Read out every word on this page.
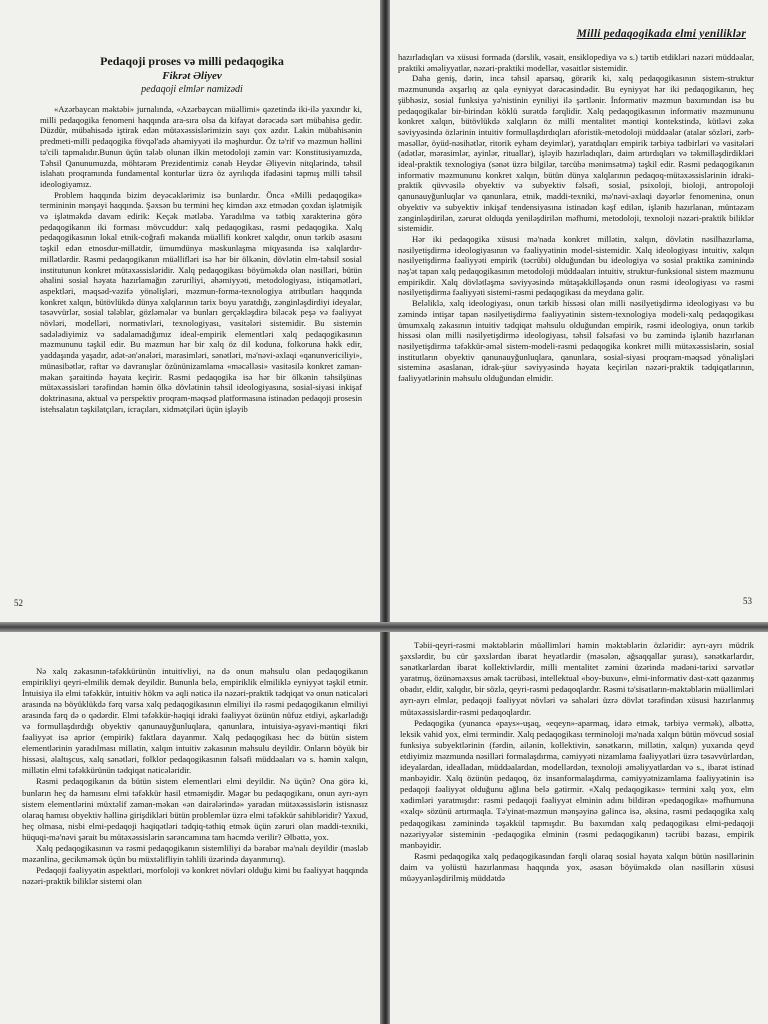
Pedaqoji proses və milli pedaqogika
Fikrət Əliyev
pedaqoji elmlər namizədi

«Azərbaycan məktəbi» jurnalında, «Azərbaycan müəllimi» qəzetində iki-ilə yaxındır ki, milli pedaqogika fenomeni haqqında ara-sıra olsa da kifayət dərəcədə sərt mübahisə gedir. Düzdür, mübahisədə iştirak edən mütəxəssislərimizin sayı çox azdır. Lakin mübahisənin predmeti-milli pedaqogika fövqəl'adə əhəmiyyəti ilə məşhurdur. Öz tə'rif və məzmun həllini tə'cili tapmalıdır.Bunun üçün tələb olunan ilkin metodoloji zəmin var: Konstitusiyamızda, Təhsil Qanunumuzda, möhtərəm Prezidentimiz cənab Heydər Əliyevin nitqlərində, təhsil islahatı proqramında fundamental konturlar üzrə öz ayrılıqda ifadəsini tapmış milli təhsil ideologiyamız.

Problem haqqında bizim deyəcəklərimiz isə bunlardır. Öncə «Milli pedaqogika» termininin mənşəyi haqqında. Şəxsən bu termini heç kimdən əxz etmədən çoxdan işlətmişik və işlətməkdə davam edirik: Keçək mətləbə. Yaradılma və tətbiq xarakterinə görə pedaqogikanın iki forması mövcuddur: xalq pedaqogikası, rəsmi pedaqogika. Xalq pedaqogikasının lokal etnik-coğrafi məkanda müəllifi konkret xalqdır, onun tərkib əsasını təşkil edən etnosdur-millətdir, ümumdünya məskunlaşma miqyasında isə xalqlardır-millətlərdir. Rəsmi pedaqogikanın müəllifləri isə hər bir ölkənin, dövlətin elm-təhsil sosial institutunun konkret mütəxəssisləridir. Xalq pedaqogikası böyüməkdə olan nəsilləri, bütün əhalini sosial həyata hazırlamağın zəruriliyi, əhəmiyyəti, metodologiyası, istiqamətləri, aspektləri, məqsəd-vəzifə yönəlişləri, məzmun-forma-texnologiya atributları haqqında konkret xalqın, bütövlükdə dünya xalqlarının tarix boyu yaratdığı, zənginləşdirdiyi ideyalar, təsəvvürlər, sosial tələblər, gözləmələr və bunları gerçəkləşdirə biləcək peşə və fəaliyyət növləri, modelləri, normativləri, texnologiyası, vasitələri sistemidir. Bu sistemin sadələdiyimiz və sadalamadığımız ideal-empirik elementləri xalq pedaqogikasının məzmununu təşkil edir. Bu məzmun hər bir xalq öz dil koduna, folkoruna həkk edir, yaddaşında yaşadır, adət-ən'ənələri, mərasimləri, sənətləri, mə'nəvi-əxlaqi «qanunvericiliyi», münasibətlər, rəftar və davranışlar özününizamlama «məcəlləsi» vasitəsilə konkret zaman-məkan şəraitində həyata keçirir. Rəsmi pedaqogika isə hər bir ölkənin təhsilşünas mütəxəssisləri tərəfindən həmin ölkə dövlətinin təhsil ideologiyasına, sosial-siyasi inkişaf doktrinasına, aktual və perspektiv proqram-məqsəd platformasına istinadən pedaqoji prosesin istehsalatın təşkilatçıları, icraçıları, xidmətçiləri üçün işləyib

52
Milli pedaqogikada elmi yeniliklər

hazırladıqları və xüsusi formada (dərslik, vəsait, ensiklopediya və s.) tərtib etdikləri nəzəri müddəalar, praktiki əməliyyatlar, nəzəri-praktiki modellər, vəsaitlər sistemidir.

Daha geniş, dərin, incə təhsil aparsaq, görərik ki, xalq pedaqogikasının sistem-struktur məzmununda əxşarlıq az qala eyniyyət dərəcəsindədir. Bu eyniyyət hər iki pedaqogikanın, heç şübhəsiz, sosial funksiya yə'nistinin eyniliyi ilə şərtlənir. İnformativ məzmun baxımından isə bu pedaqogikalar bir-birindən köklü surətdə fərqlidir. Xalq pedaqogikasının informativ məzmununu konkret xalqın, bütövlükdə xalqların öz milli mentalitet məntiqi kontekstində, kütləvi zəka səviyyəsində özlərinin intuitiv formullaşdırdıqları aforistik-metodoloji müddəalar (atalar sözləri, zərb-məsəllər, öyüd-nəsihətlər, ritorik eyham deyimlər), yaratdıqları empirik tərbiyə tədbirləri və vasitələri (adətlər, mərasimlər, ayinlər, rituallar), işləyib hazırladıqları, daim artırdıqları və təkmilləşdirdikləri ideal-praktik texnologiya (sənət üzrə bilgilər, tərcübə mənimsətmə) təşkil edir. Rəsmi pedaqogikanın informativ məzmununu konkret xalqın, bütün dünya xalqlarının pedaqoq-mütəxəssislərinin idraki-praktik qüvvəsilə obyektiv və subyektiv fəlsəfi, sosial, psixoloji, bioloji, antropoloji qanunauyğunluqlar və qanunlara, etnik, maddi-texniki, mə'nəvi-əxlaqi dəyərlər fenomeninə, onun obyektiv və subyektiv inkişaf tendensiyasına istinadən kəşf edilən, işlənib hazırlanan, müntəzəm zənginləşdirilən, zərurət olduqda yeniləşdirilən məfhumi, metodoloji, texnoloji nəzəri-praktik biliklər sistemidir.

Hər iki pedaqogika xüsusi mə'nada konkret millətin, xalqın, dövlətin nəsilhazırlama, nəsilyetişdirmə ideologiyasının və fəaliyyətinin model-sistemidir. Xalq ideologiyası intuitiv, xalqın nəsilyetişdirmə fəaliyyəti empirik (təcrübi) olduğundan bu ideologiya və sosial praktika zəminində nəş'ət tapan xalq pedaqogikasının metodoloji müddəaları intuitiv, struktur-funksional sistem məzmunu empirikdir. Xalq dövlətləşmə səviyyəsində mütəşəkkilləşəndə onun rəsmi ideologiyası və rəsmi nəsilyetişdirmə fəaliyyəti sistemi-rəsmi pedaqogikası da meydana gəlir.

Beləliklə, xalq ideologiyası, onun tərkib hissəsi olan milli nəsilyetişdirmə ideologiyası və bu zəmində intişar tapan nəsilyetişdirmə fəaliyyətinin sistem-texnologiya modeli-xalq pedaqogikası ümumxalq zəkasının intuitiv tədqiqat məhsulu olduğundan empirik, rəsmi ideologiya, onun tərkib hissəsi olan milli nəsilyetişdirmə ideologiyası, təhsil fəlsəfəsi və bu zəmində işlənib hazırlanan nəsilyetişdirmə təfəkkür-əməl sistem-modeli-rəsmi pedaqogika konkret milli mütəxəssislərin, sosial institutların obyektiv qanunauyğunluqlara, qanunlara, sosial-siyasi proqram-məqsəd yönəlişləri sisteminə əsaslanan, idrak-şüur səviyyəsində həyata keçirilən nəzəri-praktik tədqiqatlarının, fəaliyyətlərinin məhsulu olduğundan elmidir.

53

Nə xalq zəkasının-təfəkkürünün intuitivliyi, nə də onun məhsulu olan pedaqogikanın empirikliyi qeyri-elmilik demək deyildir. Bununla belə, empiriklik elmiliklə eyniyyət təşkil etmir. İntuisiya ilə elmi təfəkkür, intuitiv hökm və əqli nəticə ilə nəzəri-praktik tədqiqat və onun nəticələri arasında nə böyüklükdə fərq varsa xalq pedaqogikasının elmiliyi ilə rəsmi pedaqogikanın elmiliyi arasında fərq də o qədərdir. Elmi təfəkkür-həqiqi idraki fəaliyyət özünün nüfuz etdiyi, aşkarladığı və formullaşdırdığı obyektiv qanunauyğunluqlara, qanunlara, intuisiya-əşyavi-məntiqi fikri fəaliyyət isə aprior (empirik) faktlara dayanmır. Xalq pedaqogikası hec də bütün sistem elementlərinin yaradılması millətin, xalqın intuitiv zəkasının məhsulu deyildir. Onların böyük bir hissəsi, əlaltışcus, xalq sənətləri, folklor pedaqogikasının fəlsəfi müddəaları və s. həmin xalqın, millətin elmi təfəkkürünün tədqiqat nəticələridir.

Rəsmi pedaqogikanın da bütün sistem elementləri elmi deyildir. Nə üçün? Ona görə ki, bunların heç də hamısını elmi təfəkkür hasil etməmişdir. Məgər bu pedaqogikanı, onun ayrı-ayrı sistem elementlərini müxtəlif zaman-məkan «ən dairələrində» yaradan mütəxəssislərin istisnasız olaraq hamısı obyektiv həllinə girişdikləri bütün problemlər üzrə elmi təfəkkür sahibləridir? Yaxud, heç olmasa, nisbi elmi-pedaqoji həqiqətləri tədqiq-təthiq etmək üçün zəruri olan maddi-texniki, hüquqi-mə'nəvi şərait bu mütəxəssislərin sərəncamına tam həcmdə verilir? Əlbəttə, yox.

Xalq pedaqogikasının və rəsmi pedaqogikanın sistemliliyi də bərabər mə'nalı deyildir (məsləb məzənlinə, gecikməmək üçün bu müxtəlifliyin təhlili üzərində dayanmırıq).

Pedaqoji fəaliyyətin aspektləri, morfoloji və konkret növləri olduğu kimi bu fəaliyyət haqqında nəzəri-praktik biliklər sistemi olan

Təbii-qeyri-rəsmi məktəblərin müəllimləri həmin məktəblərin özləridir: ayrı-ayrı müdrik şəxslərdir, bu cür şəxslərdən ibarət heyətlərdir (məsələn, ağsaqqallar şurası), sənətkarlardır, sənətkarlardan ibarət kollektivlərdir, milli mentalitet zəmini üzərində mədəni-tarixi sərvətlər yaratmış, özünəməxsus əmək təcrübəsi, intellektual «boy-buxun», elmi-informativ dəst-xətt qazanmış obadır, eldir, xalqdır, bir sözlə, qeyri-rəsmi pedaqoqlardır. Rəsmi tə'sisatların-məktəblərin müəllimləri ayrı-ayrı elmlər, pedaqoji fəaliyyət növləri və sahələri üzrə dövlət tərəfindən xüsusi hazırlanmış mütəxəssislərdir-rəsmi pedaqoqlardır.

Pedaqogika (yunanca «pays»-uşaq, «eqeyn»-aparmaq, idarə etmək, tərbiyə vermək), əlbəttə, leksik vahid yox, elmi termindir. Xalq pedaqogikası terminoloji mə'nada xalqın bütün mövcud sosial funksiya subyektlərinin (fərdin, ailənin, kollektivin, sənətkarın, millətin, xalqın) yuxarıda qeyd etdiyimiz məzmunda nəsilləri formalaşdırma, cəmiyyəti nizamlama fəaliyyətləri üzrə təsəvvürlərdən, ideyalardan, idealladan, müddəalardan, modellərdən, texnoloji əməliyyatlardan və s., ibarət istinad mənbəyidir. Xalq özünün pedaqoq, öz insanformalaşdırma, cəmiyyətnizamlama fəaliyyətinin isə pedaqoji fəaliyyət olduğunu ağlına belə gətirmir. «Xalq pedaqogikası» termini xalq yox, elm xadimləri yaratmışdır: rəsmi pedaqoji fəaliyyət elminin adını bildirən «pedaqogika» məfhumuna «xalq» sözünü artırmaqla. Tə'yinat-məzmun mənşəyinə gəlincə isə, əksinə, rəsmi pedaqogika xalq pedaqogikası zəminində təşəkkül tapmışdır. Bu baxımdan xalq pedaqogikası elmi-pedaqoji nəzəriyyələr sisteminin -pedaqogika elminin (rəsmi pedaqogikanın) təcrübi bazası, empirik mənbəyidir.

Rəsmi pedaqogika xalq pedaqogikasından fərqli olaraq sosial həyata xalqın bütün nəsillərinin daim və yolüstü hazırlanması haqqında yox, əsasən böyüməkdə olan nəsillərin xüsusi müəyyənləşdirilmiş müddətdə
